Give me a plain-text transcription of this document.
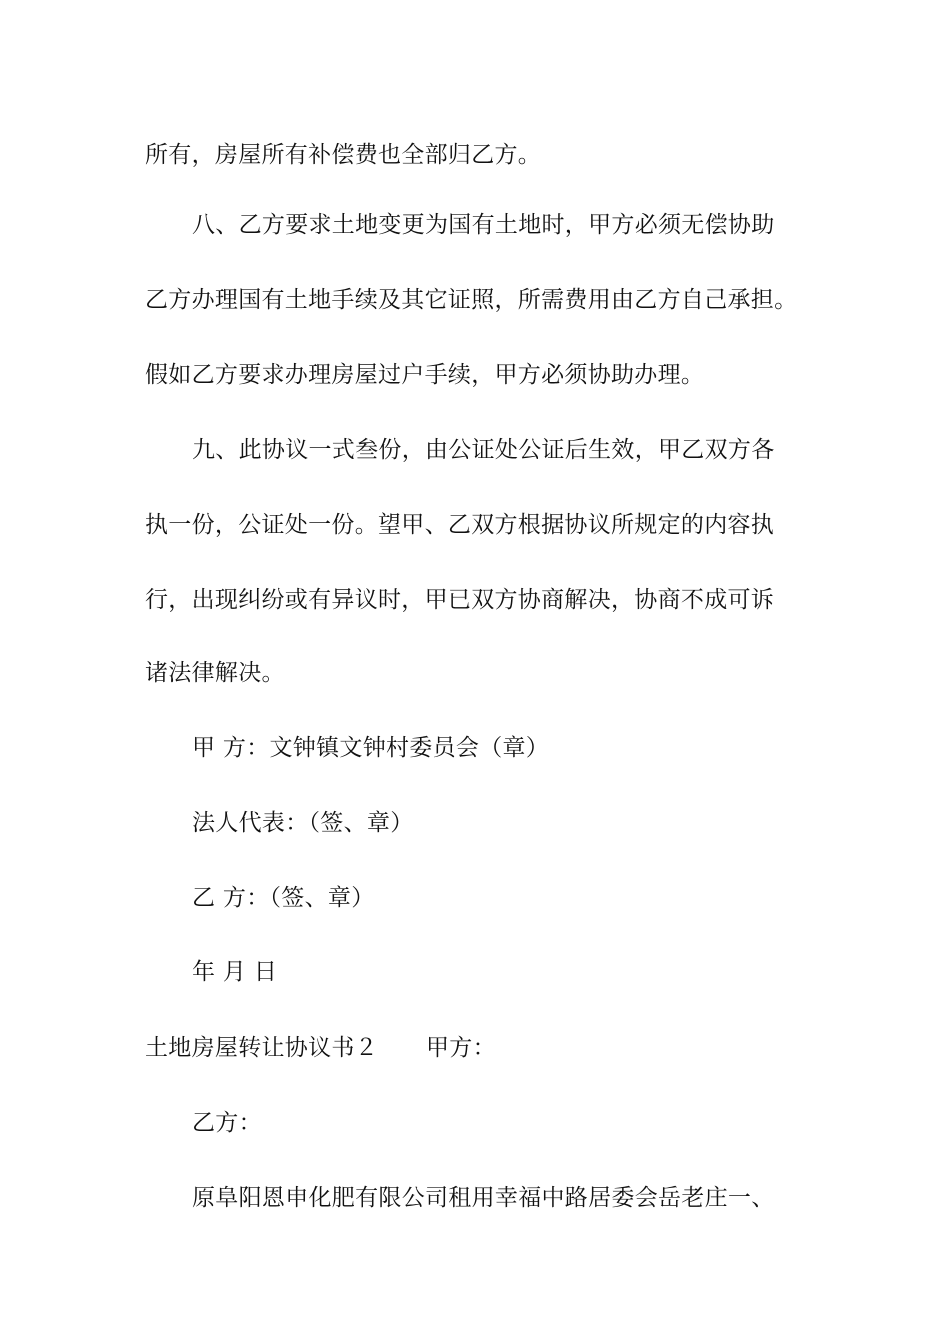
所有，房屋所有补偿费也全部归乙方。
八、乙方要求土地变更为国有土地时，甲方必须无偿协助
乙方办理国有土地手续及其它证照，所需费用由乙方自己承担。
假如乙方要求办理房屋过户手续，甲方必须协助办理。
九、此协议一式叁份，由公证处公证后生效，甲乙双方各
执一份，公证处一份。望甲、乙双方根据协议所规定的内容执
行，出现纠纷或有异议时，甲已双方协商解决，协商不成可诉
诸法律解决。
甲 方：文钟镇文钟村委员会（章）
法人代表：（签、章）
乙 方：（签、章）
年 月 日
土地房屋转让协议书２ 甲方：
乙方：
原阜阳恩申化肥有限公司租用幸福中路居委会岳老庄一、
